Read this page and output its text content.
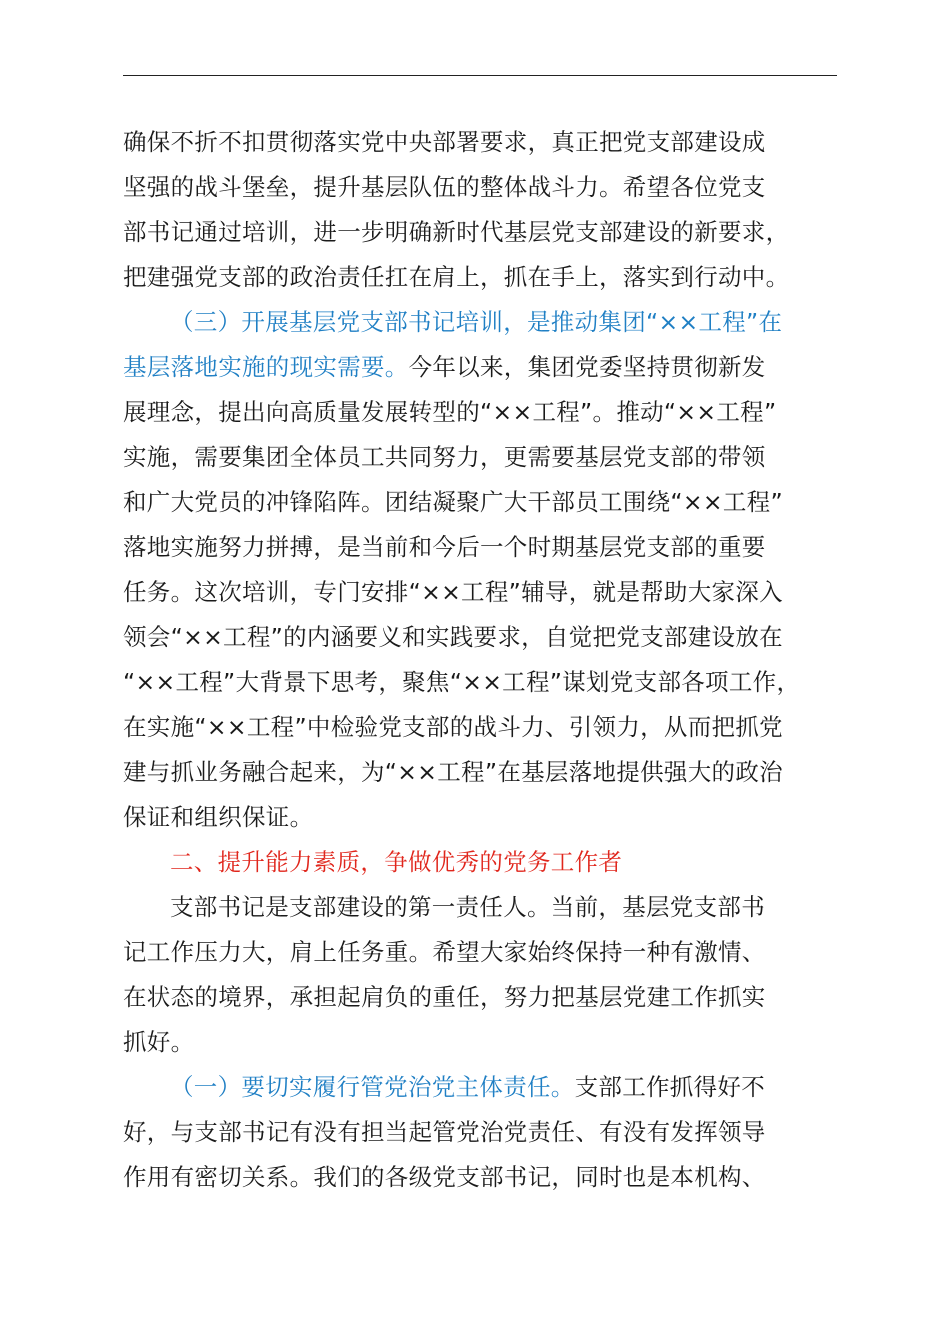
确保不折不扣贯彻落实党中央部署要求，真正把党支部建设成
坚强的战斗堡垒，提升基层队伍的整体战斗力。希望各位党支
部书记通过培训，进一步明确新时代基层党支部建设的新要求，
把建强党支部的政治责任扛在肩上，抓在手上，落实到行动中。
（三）开展基层党支部书记培训，是推动集团“××工程”在
基层落地实施的现实需要。今年以来，集团党委坚持贯彻新发
展理念，提出向高质量发展转型的“××工程”。推动“××工程”
实施，需要集团全体员工共同努力，更需要基层党支部的带领
和广大党员的冲锋陷阵。团结凝聚广大干部员工围绕“××工程”
落地实施努力拼搏，是当前和今后一个时期基层党支部的重要
任务。这次培训，专门安排“××工程”辅导，就是帮助大家深入
领会“××工程”的内涵要义和实践要求，自觉把党支部建设放在
“××工程”大背景下思考，聚焦“××工程”谋划党支部各项工作，
在实施“××工程”中检验党支部的战斗力、引领力，从而把抓党
建与抓业务融合起来，为“××工程”在基层落地提供强大的政治
保证和组织保证。
二、提升能力素质，争做优秀的党务工作者
支部书记是支部建设的第一责任人。当前，基层党支部书
记工作压力大，肩上任务重。希望大家始终保持一种有激情、
在状态的境界，承担起肩负的重任，努力把基层党建工作抓实
抓好。
（一）要切实履行管党治党主体责任。支部工作抓得好不
好，与支部书记有没有担当起管党治党责任、有没有发挥领导
作用有密切关系。我们的各级党支部书记，同时也是本机构、
